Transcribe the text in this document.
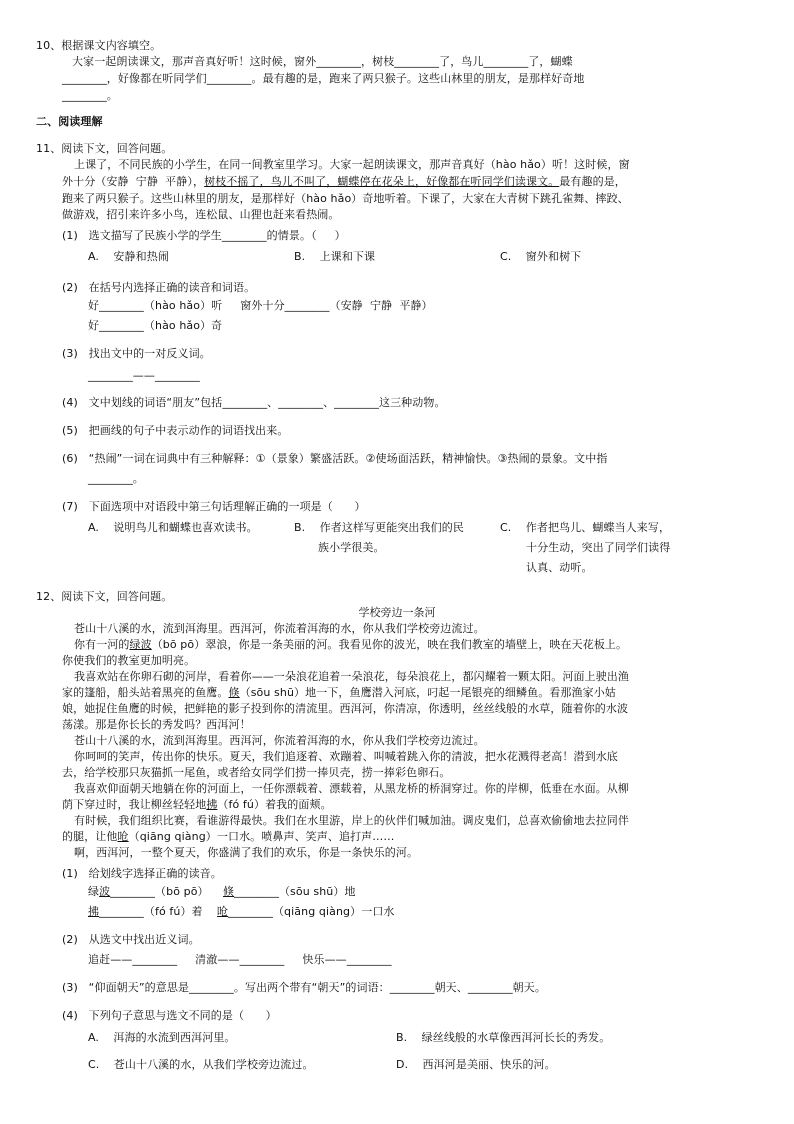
10、根据课文内容填空。
大家一起朗读课文，那声音真好听！这时候，窗外________，树枝________了，鸟儿________了，蝴蝶
________，好像都在听同学们________。最有趣的是，跑来了两只猴子。这些山林里的朋友，是那样好奇地
________。
二、阅读理解
11、阅读下文，回答问题。
上课了，不同民族的小学生，在同一间教室里学习。大家一起朗读课文，那声音真好（hào hǎo）听！这时候，窗
外十分（安静  宁静  平静），树枝不摇了，鸟儿不叫了，蝴蝶停在花朵上，好像都在听同学们读课文。最有趣的是，
跑来了两只猴子。这些山林里的朋友，是那样好（hào hǎo）奇地听着。下课了，大家在大青树下跳孔雀舞、摔跤、
做游戏，招引来许多小鸟，连松鼠、山狸也赶来看热闹。
(1)   选文描写了民族小学的学生________的情景。（     ）
A.    安静和热闹	B.    上课和下课	C.    窗外和树下
(2)   在括号内选择正确的读音和词语。
好________（hào hǎo）听     窗外十分________（安静  宁静  平静）
好________（hào hǎo）奇
(3)   找出文中的一对反义词。
________——________
(4)   文中划线的词语“朋友”包括________、________、________这三种动物。
(5)   把画线的句子中表示动作的词语找出来。
(6)   “热闹”一词在词典中有三种解释：①（景象）繁盛活跃。②使场面活跃，精神愉快。③热闹的景象。文中指
________。
(7)   下面选项中对语段中第三句话理解正确的一项是（      ）
A.    说明鸟儿和蝴蝶也喜欢读书。	B.    作者这样写更能突出我们的民
族小学很美。
C.    作者把鸟儿、蝴蝶当人来写，
十分生动，突出了同学们读得
认真、动听。
12、阅读下文，回答问题。
学校旁边一条河
苍山十八溪的水，流到洱海里。西洱河，你流着洱海的水，你从我们学校旁边流过。
你有一河的绿波（bō pō）翠浪，你是一条美丽的河。我看见你的波光，映在我们教室的墙壁上，映在天花板上。
你使我们的教室更加明亮。
我喜欢站在你卵石砌的河岸，看着你——一朵浪花追着一朵浪花，每朵浪花上，都闪耀着一颗太阳。河面上驶出渔
家的篷船，船头站着黑亮的鱼鹰。倏（sōu shū）地一下，鱼鹰潜入河底，叼起一尾银亮的细鳞鱼。看那渔家小姑
娘，她捉住鱼鹰的时候，把鲜艳的影子投到你的清流里。西洱河，你清凉，你透明，丝丝线般的水草，随着你的水波
荡漾。那是你长长的秀发吗？西洱河！
苍山十八溪的水，流到洱海里。西洱河，你流着洱海的水，你从我们学校旁边流过。
你呵呵的笑声，传出你的快乐。夏天，我们追逐着、欢蹦着、叫喊着跳入你的清波，把水花溅得老高！潜到水底
去，给学校那只灰猫抓一尾鱼，或者给女同学们捞一捧贝壳，捞一捧彩色卵石。
我喜欢仰面朝天地躺在你的河面上，一任你漂载着、漂载着，从黑龙桥的桥洞穿过。你的岸柳，低垂在水面。从柳
荫下穿过时，我让柳丝轻轻地拂（fó fú）着我的面颊。
有时候，我们组织比赛，看谁游得最快。我们在水里游，岸上的伙伴们喊加油。调皮鬼们，总喜欢偷偷地去拉同伴
的腿，让他呛（qiāng qiàng）一口水。喷鼻声、笑声、追打声……
啊，西洱河，一整个夏天，你盛满了我们的欢乐，你是一条快乐的河。
(1)   给划线字选择正确的读音。
绿波________（bō pō）    倏________（sōu shū）地
拂________（fó fú）着    呛________（qiāng qiàng）一口水
(2)   从选文中找出近义词。
追赶——________     清澈——________     快乐——________
(3)   “仰面朝天”的意思是________。写出两个带有“朝天”的词语：________朝天、________朝天。
(4)   下列句子意思与选文不同的是（      ）
A.    洱海的水流到西洱河里。	B.    绿丝线般的水草像西洱河长长的秀发。
C.    苍山十八溪的水，从我们学校旁边流过。	D.    西洱河是美丽、快乐的河。
